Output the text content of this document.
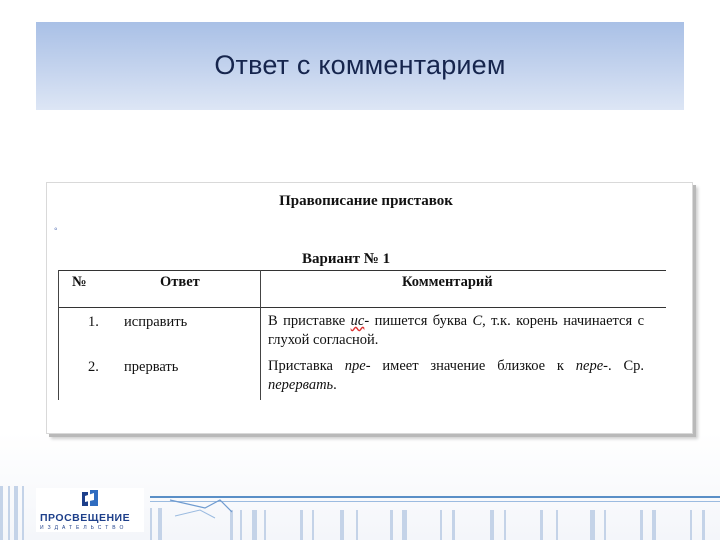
Ответ с комментарием
Правописание приставок
◦
Вариант № 1
№	Ответ	Комментарий
1. исправить	В приставке ис- пишется буква С, т.к. корень начинается с глухой согласной.
2. прервать	Приставка пре- имеет значение близкое к пере-. Ср. перервать.
ПРОСВЕЩЕНИЕ
ИЗДАТЕЛЬСТВО
